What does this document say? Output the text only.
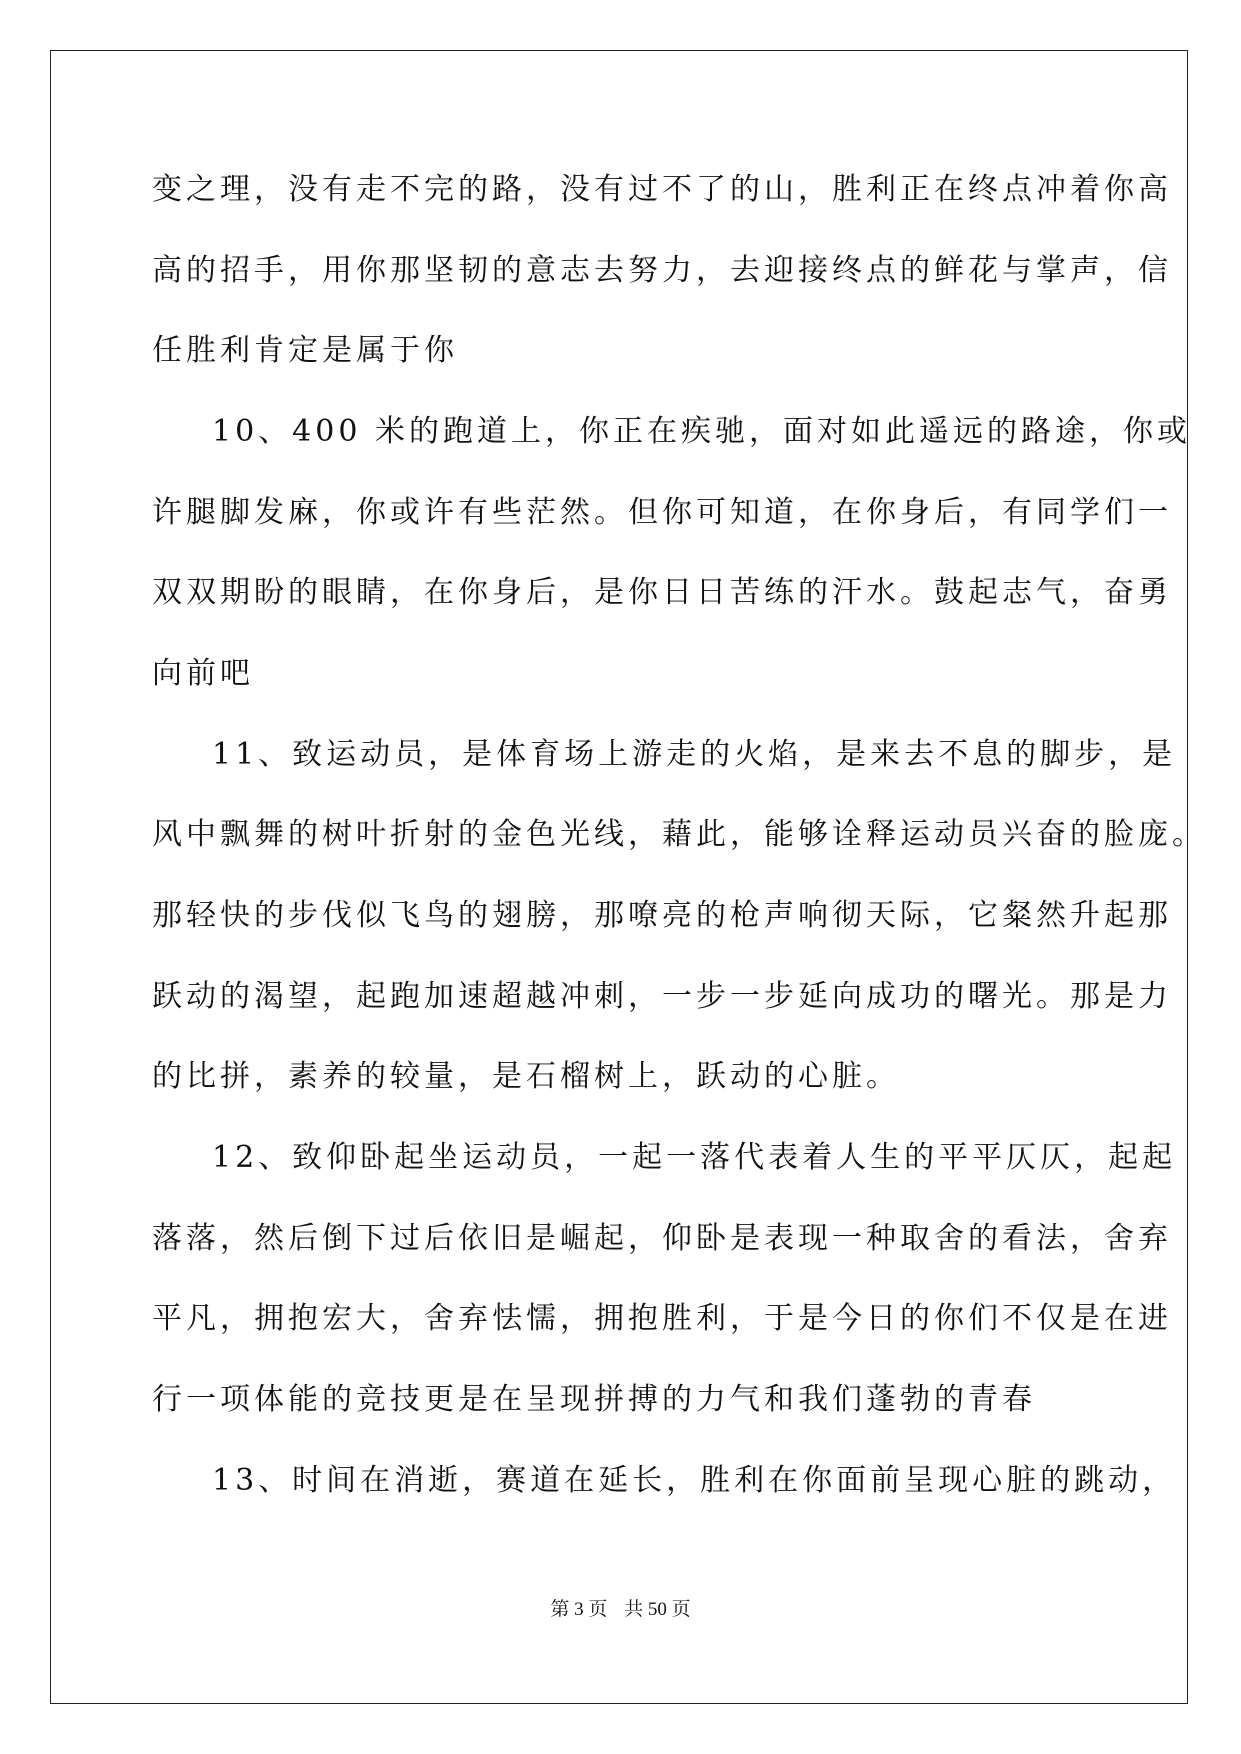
变之理，没有走不完的路，没有过不了的山，胜利正在终点冲着你高
高的招手，用你那坚韧的意志去努力，去迎接终点的鲜花与掌声，信
任胜利肯定是属于你
10、400 米的跑道上，你正在疾驰，面对如此遥远的路途，你或
许腿脚发麻，你或许有些茫然。但你可知道，在你身后，有同学们一
双双期盼的眼睛，在你身后，是你日日苦练的汗水。鼓起志气，奋勇
向前吧
11、致运动员，是体育场上游走的火焰，是来去不息的脚步，是
风中飘舞的树叶折射的金色光线，藉此，能够诠释运动员兴奋的脸庞。
那轻快的步伐似飞鸟的翅膀，那嘹亮的枪声响彻天际，它粲然升起那
跃动的渴望，起跑加速超越冲刺，一步一步延向成功的曙光。那是力
的比拼，素养的较量，是石榴树上，跃动的心脏。
12、致仰卧起坐运动员，一起一落代表着人生的平平仄仄，起起
落落，然后倒下过后依旧是崛起，仰卧是表现一种取舍的看法，舍弃
平凡，拥抱宏大，舍弃怯懦，拥抱胜利，于是今日的你们不仅是在进
行一项体能的竞技更是在呈现拼搏的力气和我们蓬勃的青春
13、时间在消逝，赛道在延长，胜利在你面前呈现心脏的跳动，
第 3 页 共 50 页
